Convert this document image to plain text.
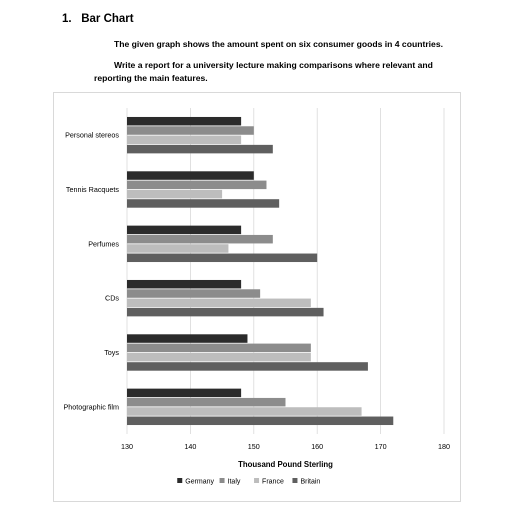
1. Bar Chart
The given graph shows the amount spent on six consumer goods in 4 countries.
Write a report for a university lecture making comparisons where relevant and
reporting the main features.
130	140	150	160	170	180
Personal stereos
Tennis Racquets
Perfumes
CDs
Toys
Photographic film
Thousand Pound Sterling
Germany Italy	France Britain
